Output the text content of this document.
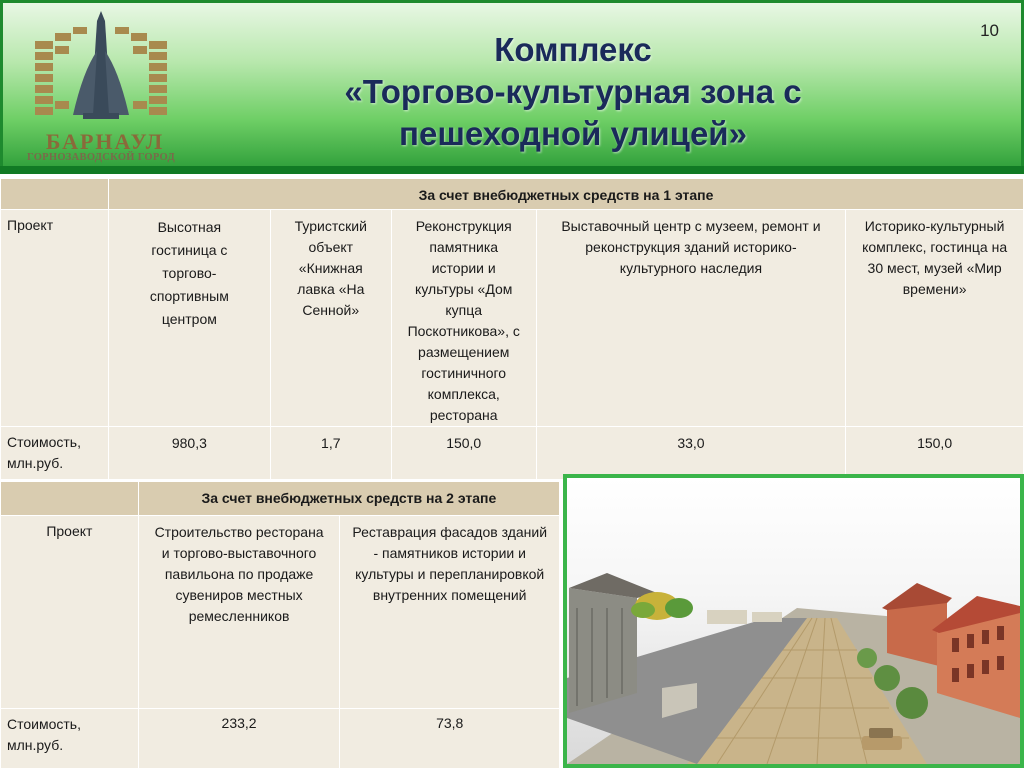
БАРНАУЛ
ГОРНОЗАВОДСКОЙ ГОРОД
Комплекс
«Торгово-культурная зона с
пешеходной улицей»
10
	За счет внебюджетных средств на 1 этапе				
Проект	Высотная гостиница с торгово-спортивным центром	Туристский объект «Книжная лавка «На Сенной»	Реконструкция памятника истории и культуры «Дом купца Поскотникова», с размещением гостиничного комплекса, ресторана	Выставочный центр с музеем, ремонт и реконструкция зданий историко-культурного наследия	Историко-культурный комплекс, гостинца на 30 мест, музей «Мир времени»
Стоимость, млн.руб.	980,3	1,7	150,0	33,0	150,0
	За счет внебюджетных средств на 2 этапе	
Проект	Строительство ресторана и торгово-выставочного павильона по продаже сувениров местных ремесленников	Реставрация фасадов зданий - памятников истории и культуры и перепланировкой внутренних помещений
Стоимость, млн.руб.	233,2	73,8
